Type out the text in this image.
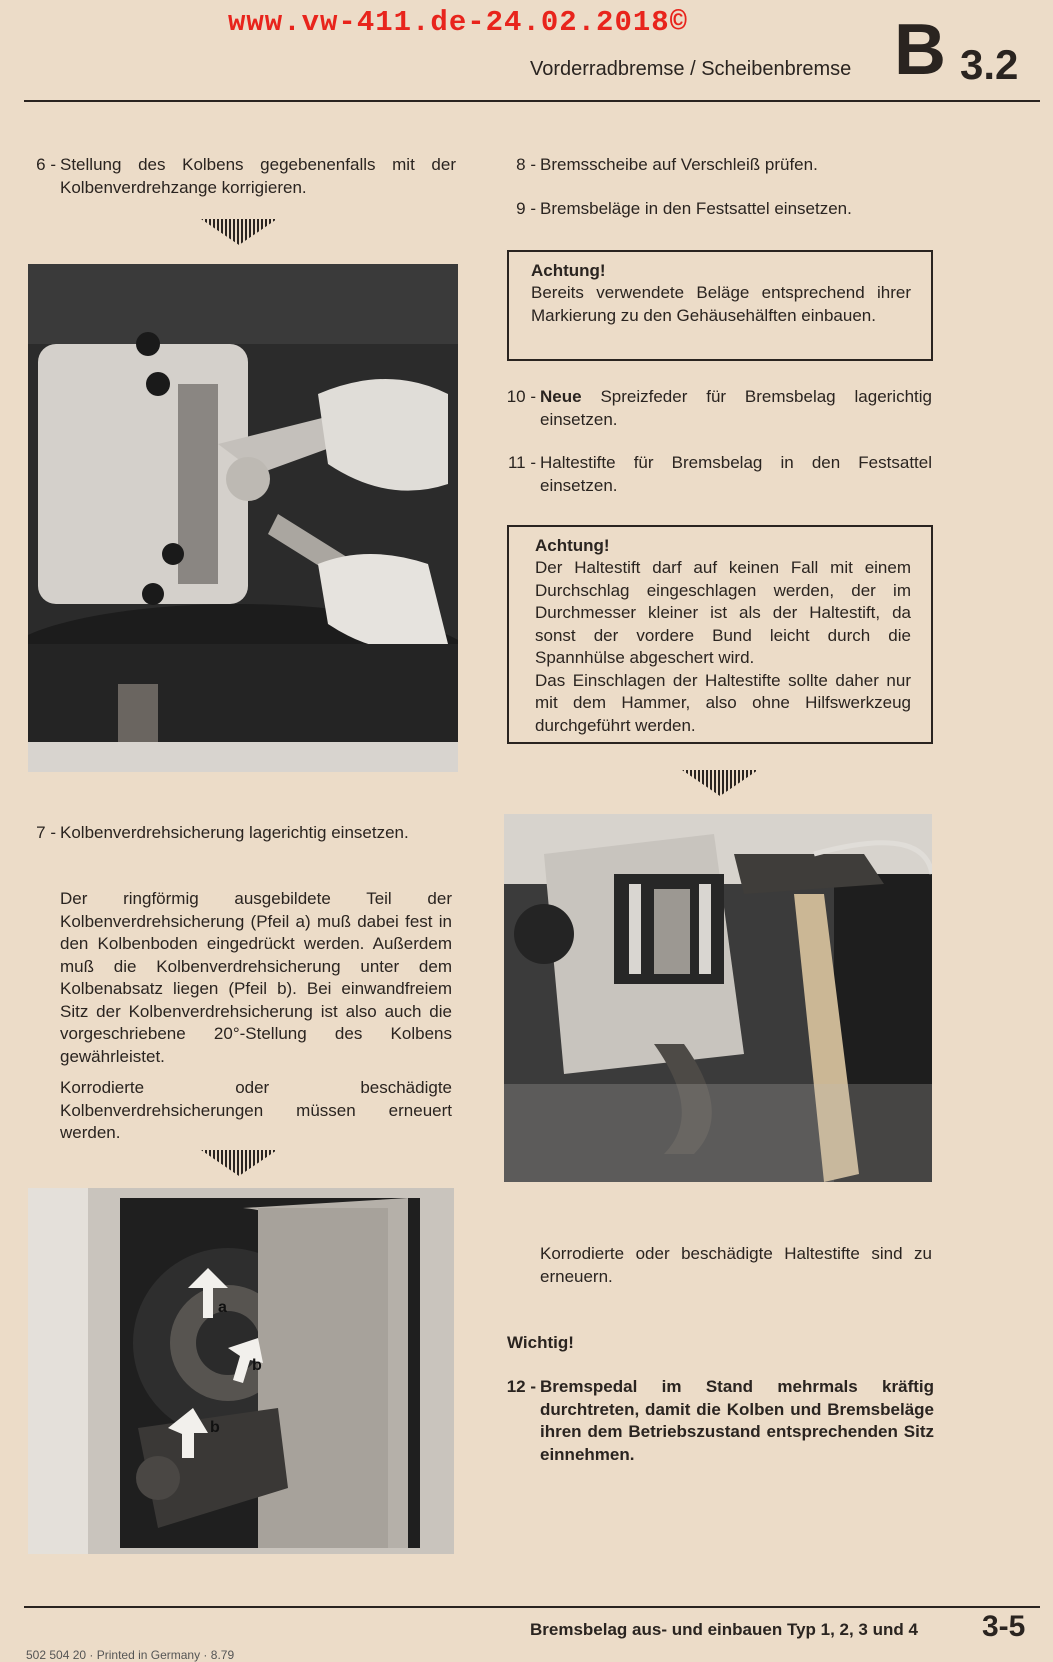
www.vw-411.de-24.02.2018©
Vorderradbremse / Scheibenbremse B 3.2
6 - Stellung des Kolbens gegebenenfalls mit der Kolbenverdrehzange korrigieren.
7 - Kolbenverdrehsicherung lagerichtig einsetzen.
Der ringförmig ausgebildete Teil der Kolbenverdrehsicherung (Pfeil a) muß dabei fest in den Kolbenboden eingedrückt werden. Außerdem muß die Kolbenverdrehsicherung unter dem Kolbenabsatz liegen (Pfeil b). Bei einwandfreiem Sitz der Kolbenverdrehsicherung ist also auch die vorgeschriebene 20°-Stellung des Kolbens gewährleistet.
Korrodierte oder beschädigte Kolbenverdrehsicherungen müssen erneuert werden.
a
b
b
8 - Bremsscheibe auf Verschleiß prüfen.
9 - Bremsbeläge in den Festsattel einsetzen.
Achtung!
Bereits verwendete Beläge entsprechend ihrer Markierung zu den Gehäusehälften einbauen.
10 - Neue Spreizfeder für Bremsbelag lagerichtig einsetzen.
11 - Haltestifte für Bremsbelag in den Festsattel einsetzen.
Achtung!
Der Haltestift darf auf keinen Fall mit einem Durchschlag eingeschlagen werden, der im Durchmesser kleiner ist als der Haltestift, da sonst der vordere Bund leicht durch die Spannhülse abgeschert wird.
Das Einschlagen der Haltestifte sollte daher nur mit dem Hammer, also ohne Hilfswerkzeug durchgeführt werden.
Korrodierte oder beschädigte Haltestifte sind zu erneuern.
Wichtig!
12 - Bremspedal im Stand mehrmals kräftig durchtreten, damit die Kolben und Bremsbeläge ihren dem Betriebszustand entsprechenden Sitz einnehmen.
Bremsbelag aus- und einbauen Typ 1, 2, 3 und 4 3-5
502 504 20 · Printed in Germany · 8.79
